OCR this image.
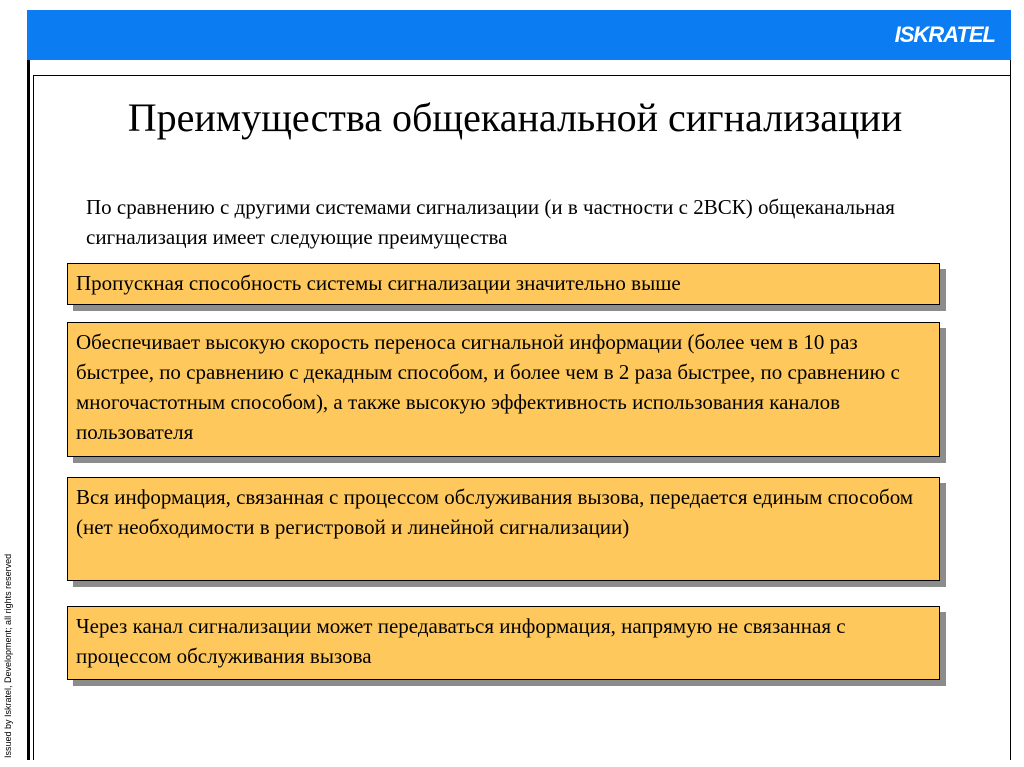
ISKRATEL
Issued by Iskratel, Development; all rights reserved
Преимущества общеканальной сигнализации
По сравнению с другими системами сигнализации (и в частности с 2ВСК) общеканальная сигнализация имеет следующие преимущества
Пропускная способность системы сигнализации значительно выше
Обеспечивает высокую скорость переноса сигнальной информации (более чем в 10 раз быстрее, по сравнению с декадным способом, и более чем в 2 раза быстрее, по сравнению с многочастотным способом), а также высокую эффективность использования каналов пользователя
Вся информация, связанная с процессом обслуживания вызова, передается единым способом (нет необходимости в регистровой и линейной сигнализации)
Через канал сигнализации может передаваться информация, напрямую не связанная с процессом обслуживания вызова
